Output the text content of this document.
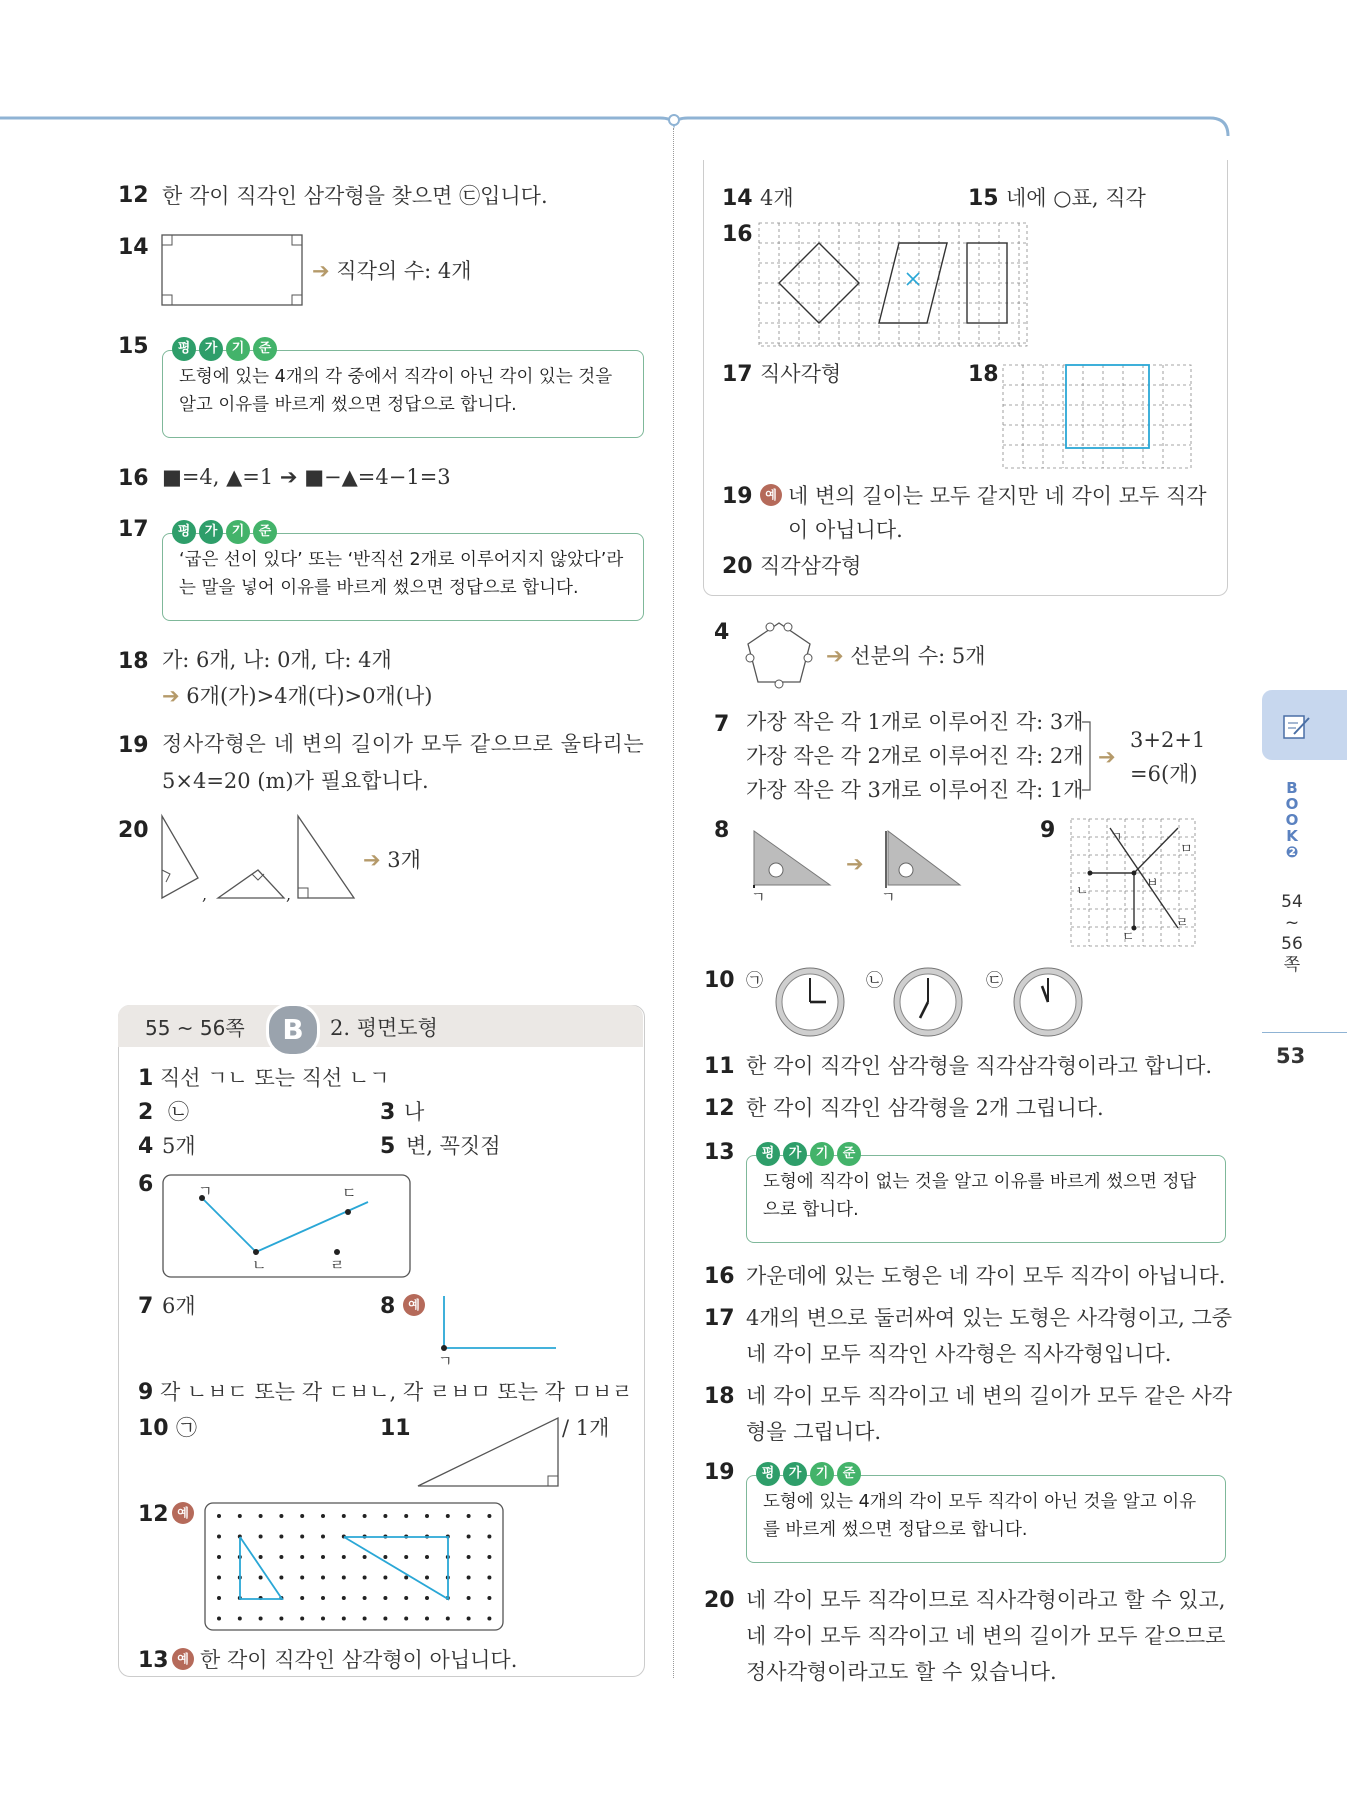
12 한 각이 직각인 삼각형을 찾으면 ㉢입니다.
14
➔ 직각의 수: 4개
15
도형에 있는 4개의 각 중에서 직각이 아닌 각이 있는 것을
알고 이유를 바르게 썼으면 정답으로 합니다.
평	가	기	준
16 ■=4, ▲=1 ➔ ■−▲=4−1=3
17
‘굽은 선이 있다’ 또는 ‘반직선 2개로 이루어지지 않았다’라
는 말을 넣어 이유를 바르게 썼으면 정답으로 합니다.
평	가	기	준
18 가: 6개, 나: 0개, 다: 4개
➔ 6개(가)>4개(다)>0개(나)
19 정사각형은 네 변의 길이가 모두 같으므로 울타리는
5×4=20 (m)가 필요합니다.
20
,	,
➔ 3개
55 ~ 56쪽	B	2. 평면도형
1 직선 ㄱㄴ 또는 직선 ㄴㄱ
2 ㉡	3 나
4 5개	5 변, 꼭짓점
6	ㄱ
ㄴ
ㄷ
ㄹ
7 6개	8	예
ㄱ
9 각 ㄴㅂㄷ 또는 각 ㄷㅂㄴ, 각 ㄹㅂㅁ 또는 각 ㅁㅂㄹ
10 ㉠	11	/ 1개
12 예
13 예 한 각이 직각인 삼각형이 아닙니다.
14 4개	15 네에 ○표, 직각
16
17 직사각형	18
19	예 네 변의 길이는 모두 같지만 네 각이 모두 직각
이 아닙니다.
20 직각삼각형
4
➔ 선분의 수: 5개
7 가장 작은 각 1개로 이루어진 각: 3개
가장 작은 각 2개로 이루어진 각: 2개
가장 작은 각 3개로 이루어진 각: 1개
➔
3+2+1
=6(개)
8
ㄱ
➔
ㄱ
9	ㄱ
ㄴ
ㄷ
ㄹ
ㅁ
ㅂ
10 ㉠	㉡	㉢
11 한 각이 직각인 삼각형을 직각삼각형이라고 합니다.
12 한 각이 직각인 삼각형을 2개 그립니다.
13
도형에 직각이 없는 것을 알고 이유를 바르게 썼으면 정답
으로 합니다.
평	가	기	준
16 가운데에 있는 도형은 네 각이 모두 직각이 아닙니다.
17 4개의 변으로 둘러싸여 있는 도형은 사각형이고, 그중
네 각이 모두 직각인 사각형은 직사각형입니다.
18 네 각이 모두 직각이고 네 변의 길이가 모두 같은 사각
형을 그립니다.
19
도형에 있는 4개의 각이 모두 직각이 아닌 것을 알고 이유
를 바르게 썼으면 정답으로 합니다.
평	가	기	준
20 네 각이 모두 직각이므로 직사각형이라고 할 수 있고,
네 각이 모두 직각이고 네 변의 길이가 모두 같으므로
정사각형이라고도 할 수 있습니다.
B
O
O
K
❷
54
~
56
쪽
53
